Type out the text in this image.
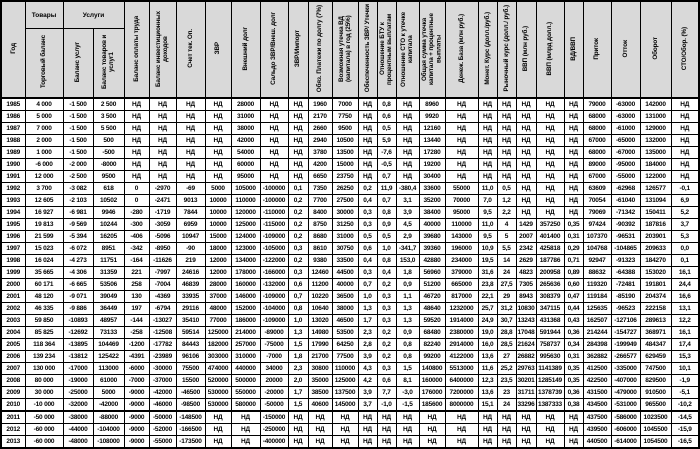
Год	Товары	Услуги		Баланс оплаты труда	Баланс инвестиционных доходов	Счет тек. Оп.	ЗВР	Внешний долг	Сальдо ЗВР/Внеш. долг	ЗВР/Импорт	Обяз. Платежи по долгу (7%)	Возможная утечка ВД (капитала) в год (25%)	Обеспеченность ЗВР/ Утечки	Отношение БТУ к процентным выплатам	Отношение СТО к утечке капитала	Общая сумма утечка капитала + процентные выплаты	Денеж. База (млн руб.)	Монет. Курс (долл./руб.)	Рыночный курс (долл./ руб.)	ВВП (млн руб.)	ВВП (млрд долл.)	ВД/ВВП	Приток	Отток	Оборот	СТО/Обор. (%)
	Торговый баланс	Баланс услуг	Баланс товаров и услуг1																							
1985	4 000	-1 500	2 500	НД	НД	НД	НД	28000	НД	НД	1960	7000	НД	0,8	НД	8960	НД	НД	НД	НД	НД	НД	79000	-63000	142000	НД
1986	5 000	-1 500	3 500	НД	НД	НД	НД	31000	НД	НД	2170	7750	НД	0,6	НД	9920	НД	НД	НД	НД	НД	НД	68000	-63000	131000	НД
1987	7 000	-1 500	5 500	НД	НД	НД	НД	38000	НД	НД	2660	9500	НД	0,5	НД	12160	НД	НД	НД	НД	НД	НД	68000	-61000	129000	НД
1988	2 000	-1 500	500	НД	НД	НД	НД	42000	НД	НД	2940	10500	НД	5,9	НД	13440	НД	НД	НД	НД	НД	НД	67000	-65000	132000	НД
1989	1 000	-1 500	-500	НД	НД	НД	НД	54000	НД	НД	3780	13500	НД	-7,6	НД	17280	НД	НД	НД	НД	НД	НД	68000	-67000	135000	НД
1990	-6 000	-2 000	-8000	НД	НД	НД	НД	60000	НД	НД	4200	15000	НД	-0,5	НД	19200	НД	НД	НД	НД	НД	НД	89000	-95000	184000	НД
1991	12 000	-2 500	9500	НД	НД	НД	НД	95000	НД	НД	6650	23750	НД	0,7	НД	30400	НД	НД	НД	НД	НД	НД	67000	-55000	122000	НД
1992	3 700	-3 082	618	0	-2970	-69	5000	105000	-100000	0,1	7350	26250	0,2	11,9	-380,4	33600	55000	11,0	0,5	НД	НД	НД	63609	-62968	126577	-0,1
1993	12 605	-2 103	10502	0	-2471	9013	10000	110000	-100000	0,2	7700	27500	0,4	0,7	3,1	35200	70000	7,0	1,2	НД	НД	НД	70054	-61040	131094	6,9
1994	16 927	-6 981	9946	-280	-1719	7844	10000	120000	-110000	0,2	8400	30000	0,3	0,8	3,9	38400	95000	9,5	2,2	НД	НД	НД	79069	-71342	150411	5,2
1995	19 813	-9 569	10244	-300	-3059	6959	10000	125000	-115000	0,2	8750	31250	0,3	0,9	4,5	40000	110000	11,0	4	1429	357250	0,35	97424	-90392	187816	3,7
1996	21 599	-5 394	16205	-406	-5096	10947	15000	124000	-109000	0,2	8680	31000	0,5	0,5	2,9	39680	143000	9,5	5	2007	401400	0,31	107370	-96531	203901	5,3
1997	15 023	-6 072	8951	-342	-8950	-90	18000	123000	-105000	0,3	8610	30750	0,6	1,0	-341,7	39360	196000	10,9	5,5	2342	425818	0,29	104768	-104865	209633	0,0
1998	16 024	-4 273	11751	-164	-11626	219	12000	134000	-122000	0,2	9380	33500	0,4	0,8	153,0	42880	234000	19,5	14	2629	187786	0,71	92947	-91323	184270	0,1
1999	35 665	-4 306	31359	221	-7997	24616	12000	178000	-166000	0,3	12460	44500	0,3	0,4	1,8	56960	379000	31,6	24	4823	200958	0,89	88632	-64388	153020	16,1
2000	60 171	-6 665	53506	258	-7004	46839	28000	160000	-132000	0,6	11200	40000	0,7	0,2	0,9	51200	665000	23,8	27,5	7305	265636	0,60	119320	-72481	191801	24,4
2001	48 120	-9 071	39049	130	-4369	33935	37000	146000	-109000	0,7	10220	36500	1,0	0,3	1,1	46720	817000	22,1	29	8943	308379	0,47	119184	-85190	204374	16,6
2002	46 335	-9 886	36449	197	-6794	29116	48000	152000	-104000	0,8	10640	38000	1,3	0,3	1,3	48640	1232000	25,7	31,2	10830	347115	0,44	125635	-96523	222158	13,1
2003	59 850	-10893	48957	-144	-13027	35410	77000	186000	-109000	1,0	13020	46500	1,7	0,3	1,3	59520	1914000	24,9	30,7	13243	431368	0,43	162507	-127106	289613	12,2
2004	85 825	-12692	73133	-258	-12508	59514	125000	214000	-89000	1,3	14980	53500	2,3	0,2	0,9	68480	2380000	19,0	28,8	17048	591944	0,36	214244	-154727	368971	16,1
2005	118 364	-13895	104469	-1200	-17782	84443	182000	257000	-75000	1,5	17990	64250	2,8	0,2	0,8	82240	2914000	16,0	28,5	21624	758737	0,34	284398	-199949	484347	17,4
2006	139 234	-13812	125422	-4391	-23989	96106	303000	310000	-7000	1,8	21700	77500	3,9	0,2	0,8	99200	4122000	13,6	27	26882	995630	0,31	362882	-266577	629459	15,3
2007	130 000	-17000	113000	-6000	-30000	75500	474000	440000	34000	2,3	30800	110000	4,3	0,3	1,5	140800	5513000	11,6	25,2	29763	1141389	0,35	412500	-335000	747500	10,1
2008	80 000	-19000	61000	-7000	-37000	15500	520000	500000	20000	2,0	35000	125000	4,2	0,6	8,1	160000	6400000	12,3	23,5	30201	1285149	0,35	422500	-407000	829500	-1,9
2009	30 000	-25000	5000	-9000	-42000	-46500	530000	550000	-20000	1,7	38500	137500	3,9	7,7	-3,0	176000	7200000	13,6	23	31711	1378739	0,36	431500	-479000	910500	-5,1
2010	-10 000	-32000	-42000	-9000	-46000	-98500	530000	580000	-50000	1,5	40600	145000	3,7	-1,0	-1,5	185600	8000000	15,1	24	33296	1387333	0,38	434500	-531000	965500	-10,2
2011	-50 000	-38000	-88000	-9000	-50000	-148500	НД	НД	-150000	НД	НД	НД	НД	НД	НД	НД	НД	НД	НД	НД	НД	НД	437500	-586000	1023500	-14,5
2012	-60 000	-44000	-104000	-9000	-52000	-166500	НД	НД	-250000	НД	НД	НД	НД	НД	НД	НД	НД	НД	НД	НД	НД	НД	439500	-606000	1045500	-15,9
2013	-60 000	-48000	-108000	-9000	-55000	-173500	НД	НД	-400000	НД	НД	НД	НД	НД	НД	НД	НД	НД	НД	НД	НД	НД	440500	-614000	1054500	-16,5
